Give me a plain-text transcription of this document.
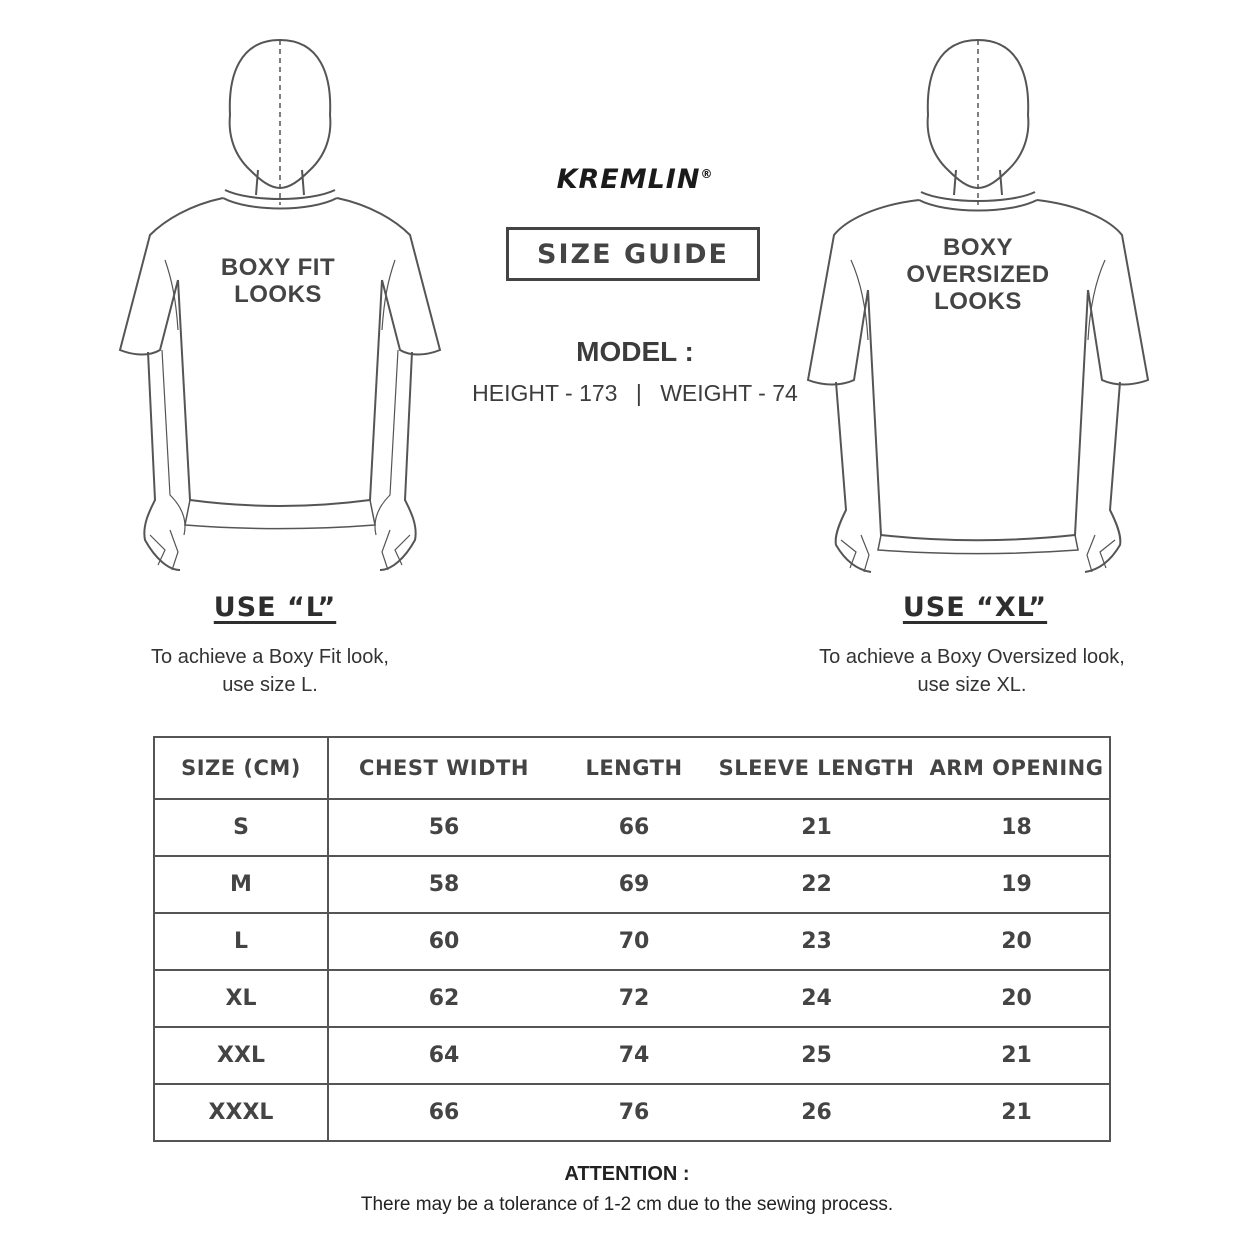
BOXY FIT
LOOKS
BOXY
OVERSIZED
LOOKS
KREMLIN®
SIZE GUIDE
MODEL :
HEIGHT - 173 | WEIGHT - 74
USE “L”
To achieve a Boxy Fit look,
use size L.
USE “XL”
To achieve a Boxy Oversized look,
use size XL.
SIZE (CM)	CHEST WIDTH	LENGTH	SLEEVE LENGTH	ARM OPENING
S	56	66	21	18
M	58	69	22	19
L	60	70	23	20
XL	62	72	24	20
XXL	64	74	25	21
XXXL	66	76	26	21
ATTENTION :
There may be a tolerance of 1-2 cm due to the sewing process.
